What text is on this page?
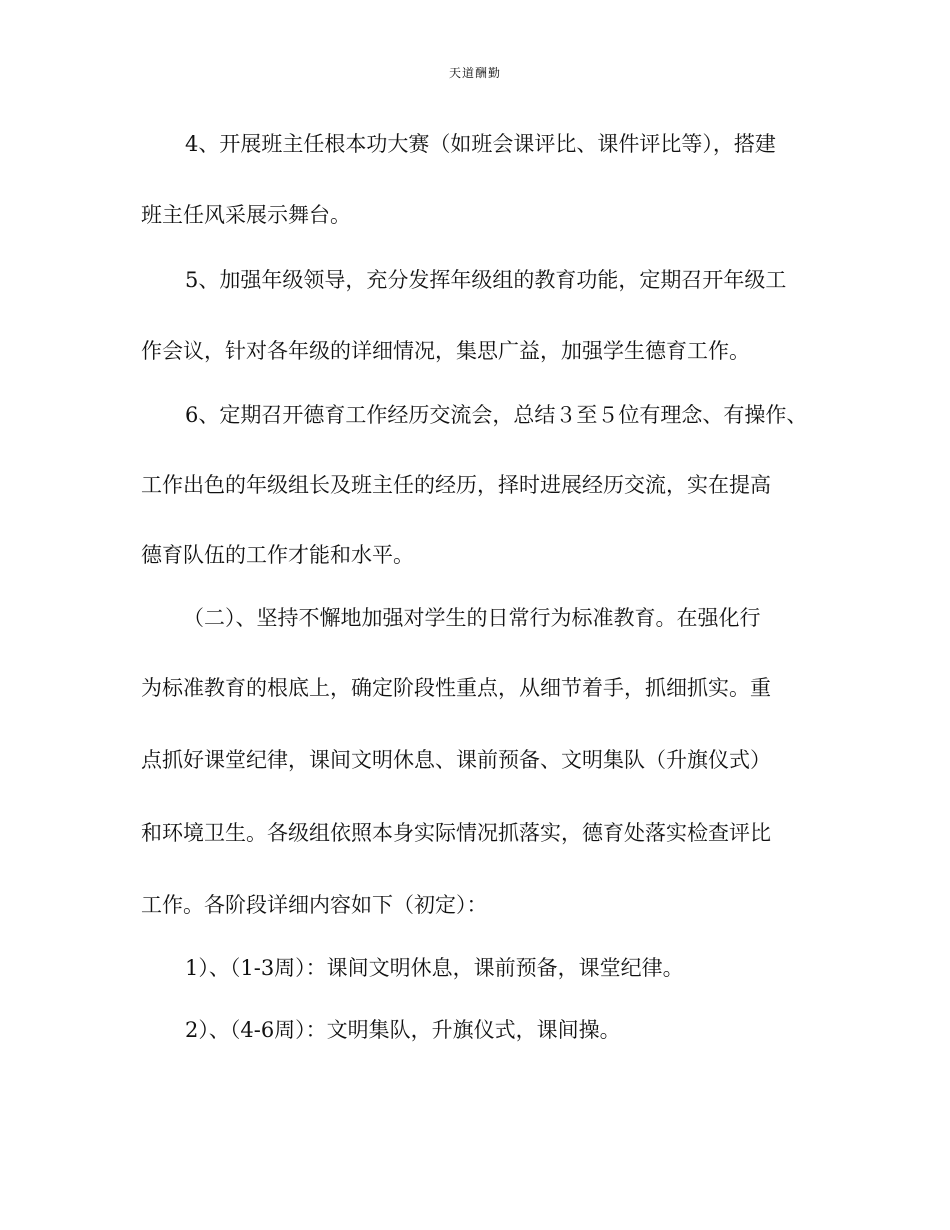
天道酬勤
4、开展班主任根本功大赛（如班会课评比、课件评比等），搭建
班主任风采展示舞台。
5、加强年级领导，充分发挥年级组的教育功能，定期召开年级工
作会议，针对各年级的详细情况，集思广益，加强学生德育工作。
6、定期召开德育工作经历交流会，总结３至５位有理念、有操作、
工作出色的年级组长及班主任的经历，择时进展经历交流，实在提高
德育队伍的工作才能和水平。
（二）、坚持不懈地加强对学生的日常行为标准教育。在强化行
为标准教育的根底上，确定阶段性重点，从细节着手，抓细抓实。重
点抓好课堂纪律，课间文明休息、课前预备、文明集队（升旗仪式）
和环境卫生。各级组依照本身实际情况抓落实，德育处落实检查评比
工作。各阶段详细内容如下（初定）：
1）、（1-3周）：课间文明休息，课前预备，课堂纪律。
2）、（4-6周）：文明集队，升旗仪式，课间操。
